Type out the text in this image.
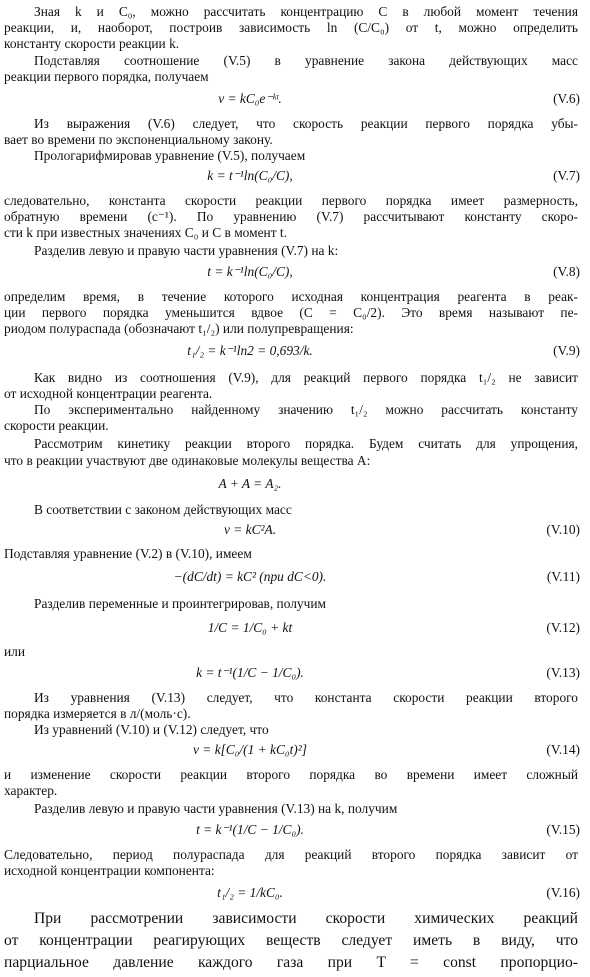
Зная k и C₀, можно рассчитать концентрацию C в любой момент течения
реакции, и, наоборот, построив зависимость ln (C/C₀) от t, можно определить
константу скорости реакции k.
Подставляя соотношение (V.5) в уравнение закона действующих масс
реакции первого порядка, получаем
v = kC₀e⁻ᵏᵗ.	(V.6)
Из выражения (V.6) следует, что скорость реакции первого порядка убы-
вает во времени по экспоненциальному закону.
Прологарифмировав уравнение (V.5), получаем
k = t⁻¹ln(C₀/C),	(V.7)
следовательно, константа скорости реакции первого порядка имеет размерность,
обратную времени (с⁻¹). По уравнению (V.7) рассчитывают константу скоро-
сти k при известных значениях C₀ и C в момент t.
Разделив левую и правую части уравнения (V.7) на k:
t = k⁻¹ln(C₀/C),	(V.8)
определим время, в течение которого исходная концентрация реагента в реак-
ции первого порядка уменьшится вдвое (C = C₀/2). Это время называют пе-
риодом полураспада (обозначают t₁/₂) или полупревращения:
t₁/₂ = k⁻¹ln2 = 0,693/k.	(V.9)
Как видно из соотношения (V.9), для реакций первого порядка t₁/₂ не зависит
от исходной концентрации реагента.
По экспериментально найденному значению t₁/₂ можно рассчитать константу
скорости реакции.
Рассмотрим кинетику реакции второго порядка. Будем считать для упрощения,
что в реакции участвуют две одинаковые молекулы вещества А:
A + A = A₂.
В соответствии с законом действующих масс
v = kC²A.	(V.10)
Подставляя уравнение (V.2) в (V.10), имеем
−(dC/dt) = kC² (при dC<0).	(V.11)
Разделив переменные и проинтегрировав, получим
1/C = 1/C₀ + kt	(V.12)
или
k = t⁻¹(1/C − 1/C₀).	(V.13)
Из уравнения (V.13) следует, что константа скорости реакции второго
порядка измеряется в л/(моль·с).
Из уравнений (V.10) и (V.12) следует, что
v = k[C₀/(1 + kC₀t)²]	(V.14)
и изменение скорости реакции второго порядка во времени имеет сложный
характер.
Разделив левую и правую части уравнения (V.13) на k, получим
t = k⁻¹(1/C − 1/C₀).	(V.15)
Следовательно, период полураспада для реакций второго порядка зависит от
исходной концентрации компонента:
t₁/₂ = 1/kC₀.	(V.16)
При рассмотрении зависимости скорости химических реакций
от концентрации реагирующих веществ следует иметь в виду, что
парциальное давление каждого газа при T = const пропорцио-
